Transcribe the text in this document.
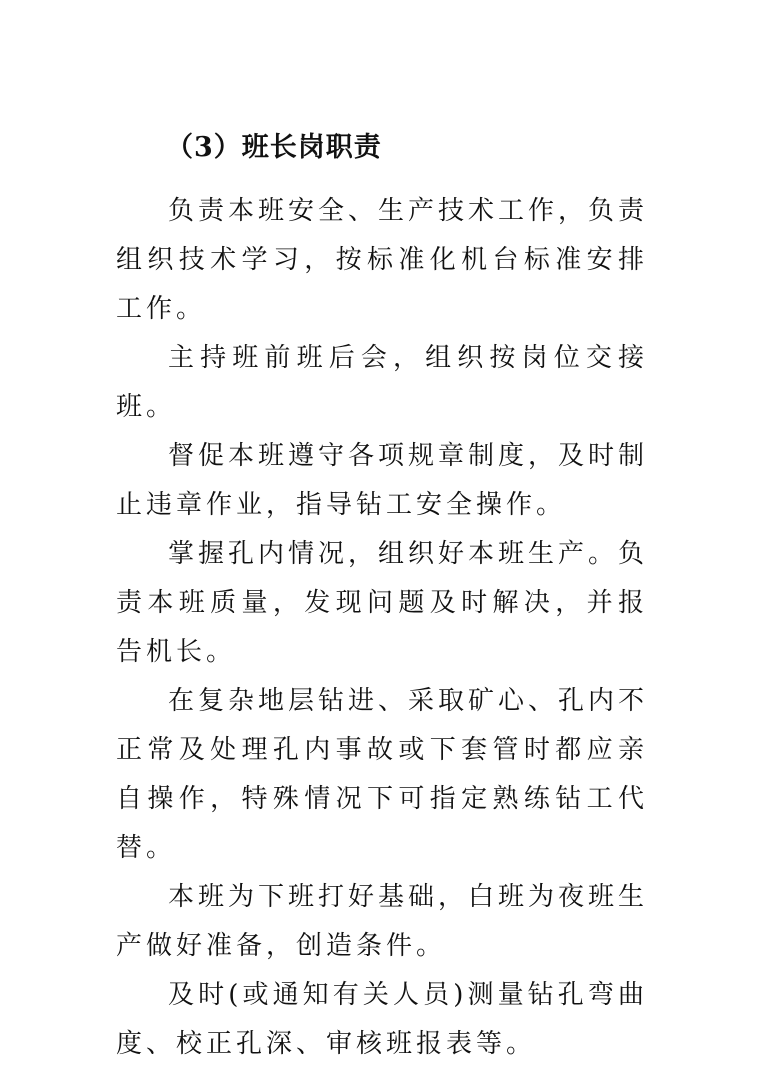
（3）班长岗职责

负责本班安全、生产技术工作，负责组织技术学习，按标准化机台标准安排工作。

主持班前班后会，组织按岗位交接班。

督促本班遵守各项规章制度，及时制止违章作业，指导钻工安全操作。

掌握孔内情况，组织好本班生产。负责本班质量，发现问题及时解决，并报告机长。

在复杂地层钻进、采取矿心、孔内不正常及处理孔内事故或下套管时都应亲自操作，特殊情况下可指定熟练钻工代替。

本班为下班打好基础，白班为夜班生产做好准备，创造条件。

及时(或通知有关人员)测量钻孔弯曲度、校正孔深、审核班报表等。
